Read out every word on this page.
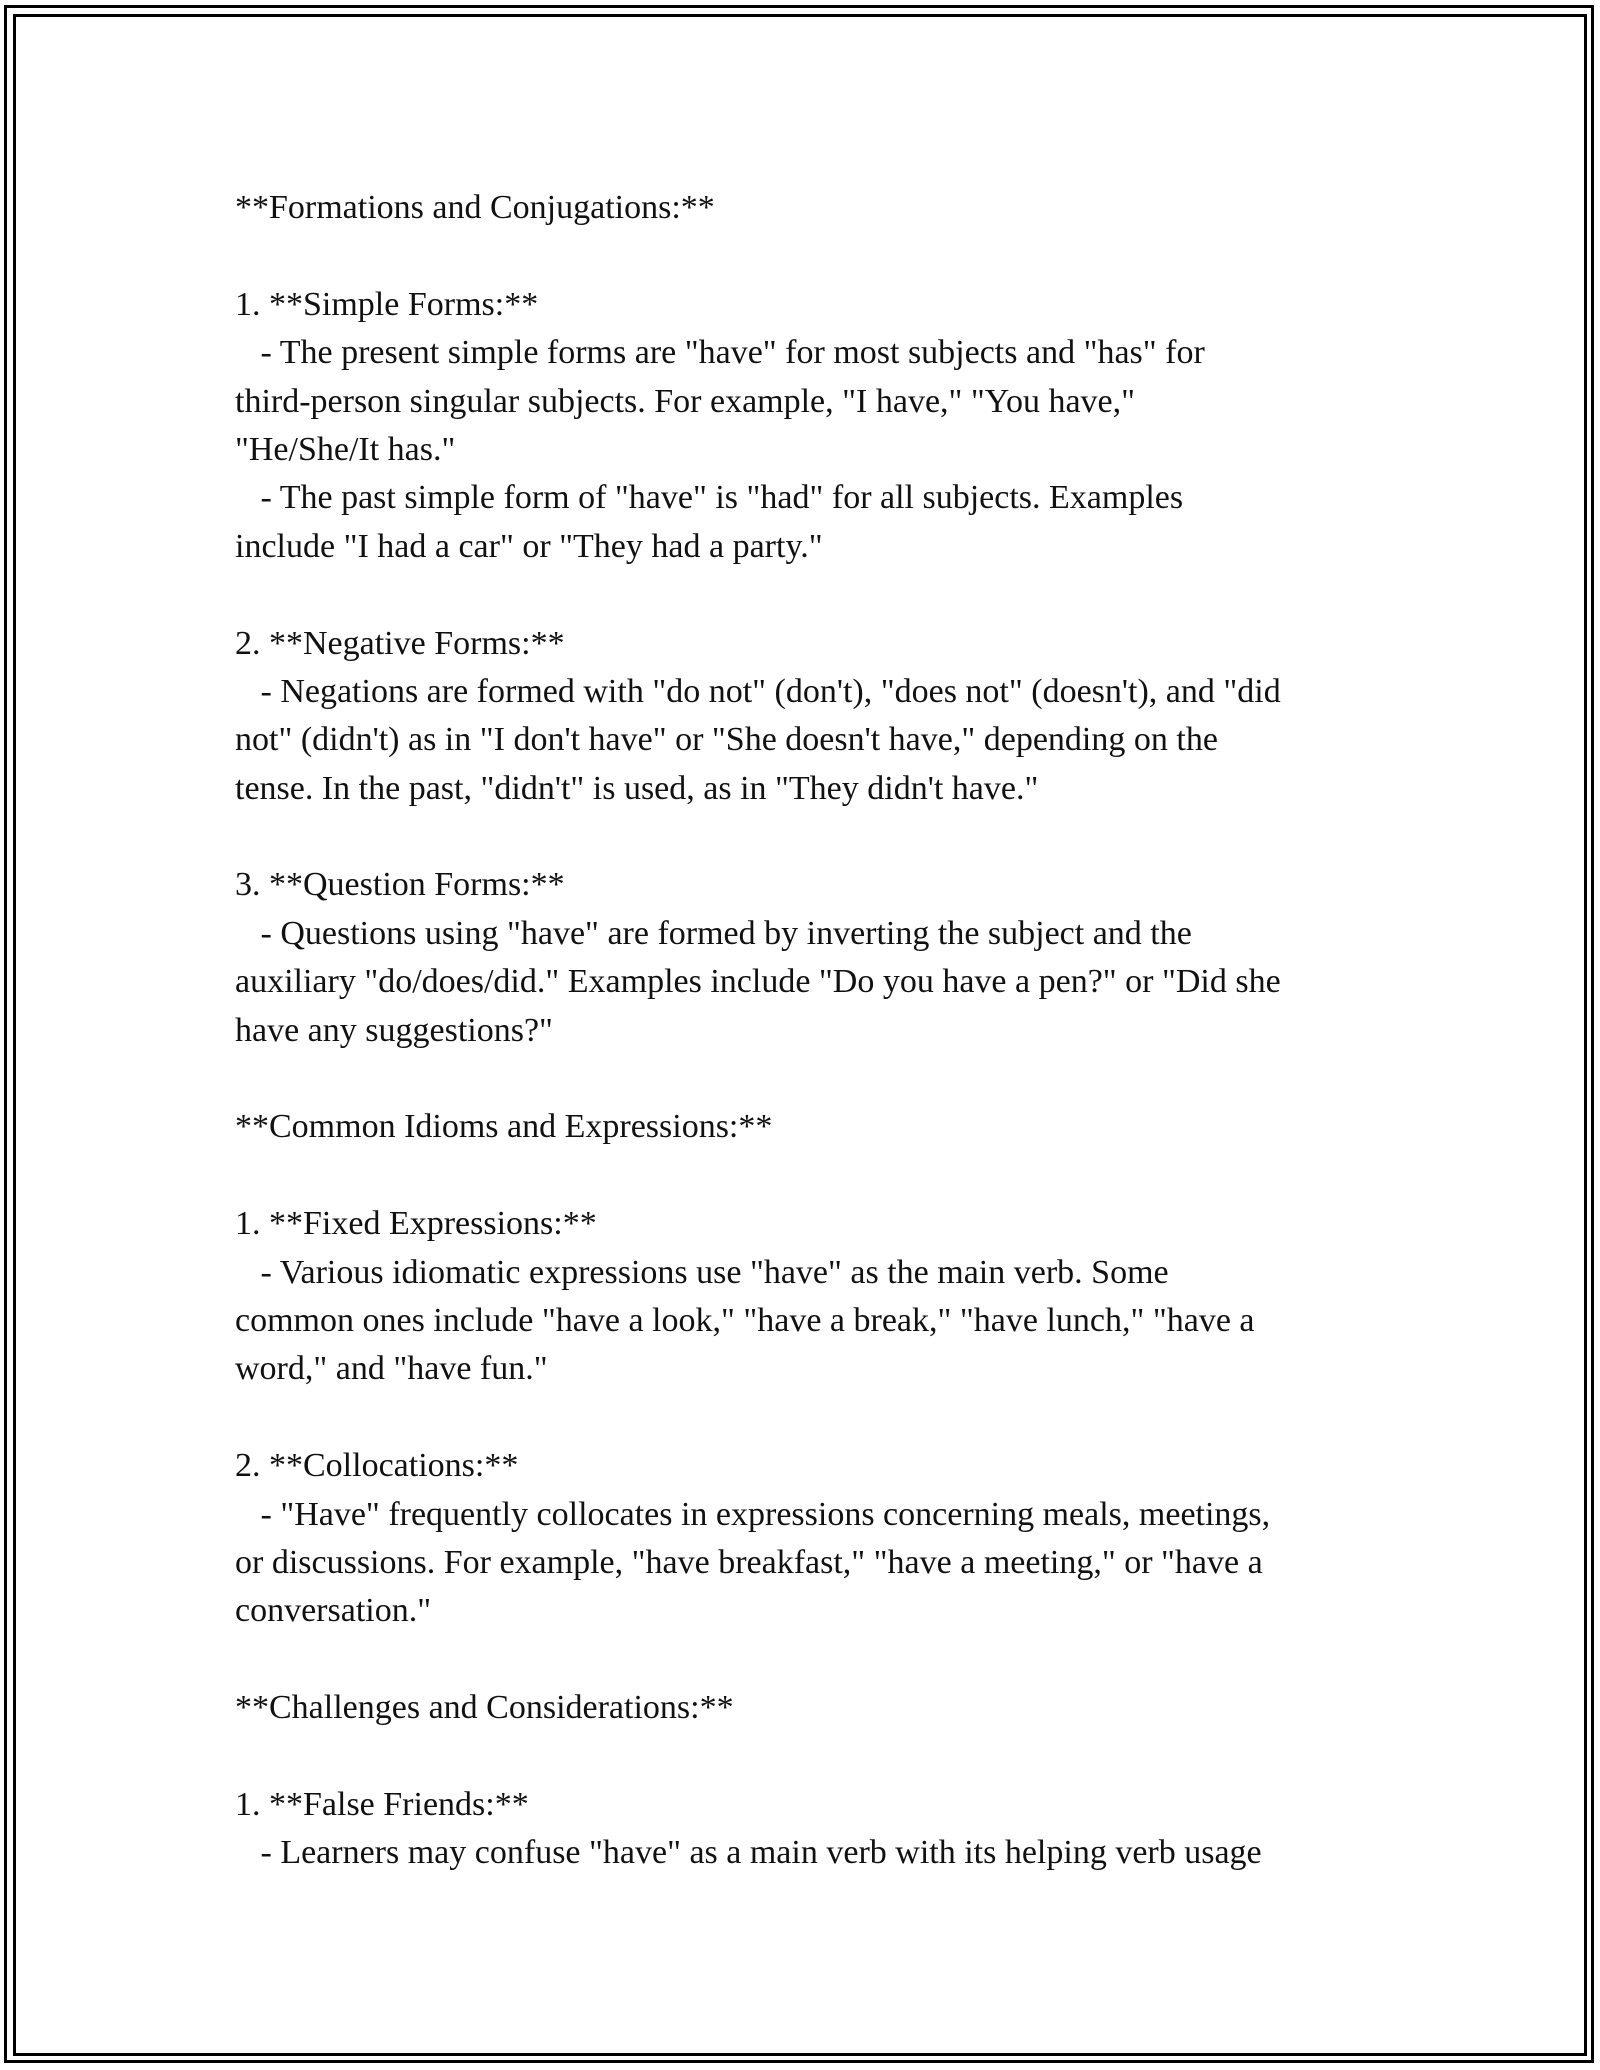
**Formations and Conjugations:**
1. **Simple Forms:**
- The present simple forms are "have" for most subjects and "has" for
third-person singular subjects. For example, "I have," "You have,"
"He/She/It has."
- The past simple form of "have" is "had" for all subjects. Examples
include "I had a car" or "They had a party."
2. **Negative Forms:**
- Negations are formed with "do not" (don't), "does not" (doesn't), and "did
not" (didn't) as in "I don't have" or "She doesn't have," depending on the
tense. In the past, "didn't" is used, as in "They didn't have."
3. **Question Forms:**
- Questions using "have" are formed by inverting the subject and the
auxiliary "do/does/did." Examples include "Do you have a pen?" or "Did she
have any suggestions?"
**Common Idioms and Expressions:**
1. **Fixed Expressions:**
- Various idiomatic expressions use "have" as the main verb. Some
common ones include "have a look," "have a break," "have lunch," "have a
word," and "have fun."
2. **Collocations:**
- "Have" frequently collocates in expressions concerning meals, meetings,
or discussions. For example, "have breakfast," "have a meeting," or "have a
conversation."
**Challenges and Considerations:**
1. **False Friends:**
- Learners may confuse "have" as a main verb with its helping verb usage
